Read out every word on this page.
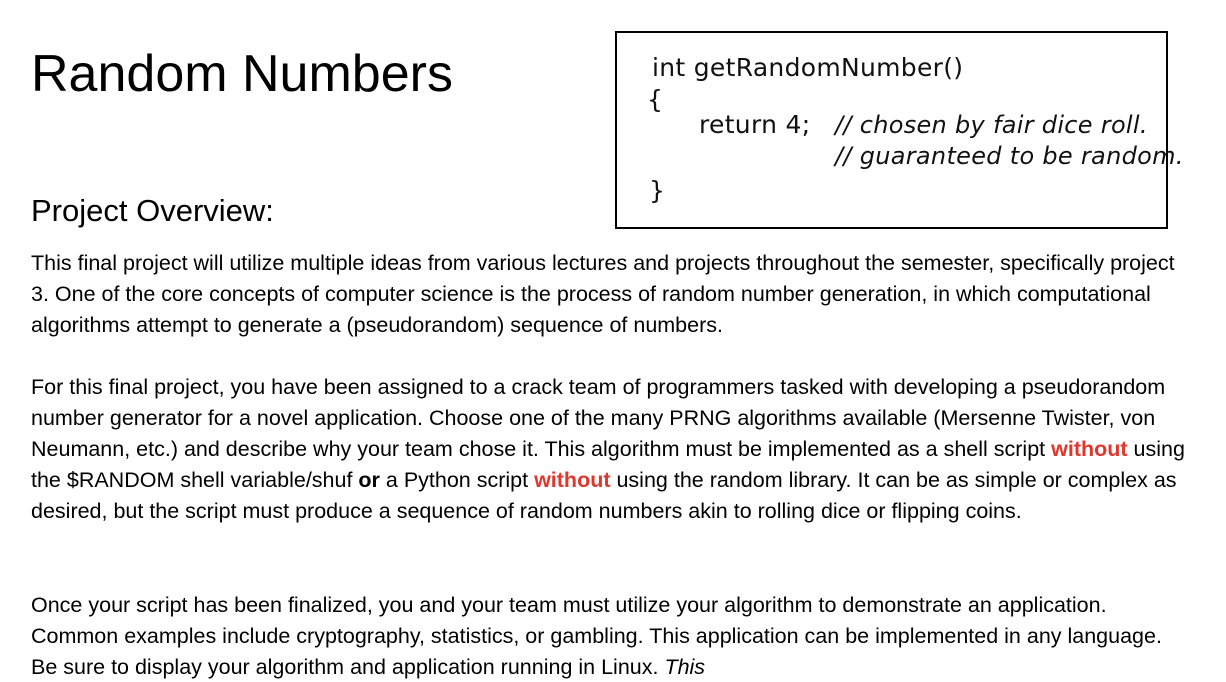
Random Numbers	int getRandomNumber()
{
return 4; // chosen by fair dice roll.
// guaranteed to be random.
}
Project Overview:

This final project will utilize multiple ideas from various lectures and projects throughout the semester, specifically project 3. One of the core concepts of computer science is the process of random number generation, in which computational algorithms attempt to generate a (pseudorandom) sequence of numbers.

For this final project, you have been assigned to a crack team of programmers tasked with developing a pseudorandom number generator for a novel application. Choose one of the many PRNG algorithms available (Mersenne Twister, von Neumann, etc.) and describe why your team chose it. This algorithm must be implemented as a shell script without using the $RANDOM shell variable/shuf or a Python script without using the random library. It can be as simple or complex as desired, but the script must produce a sequence of random numbers akin to rolling dice or flipping coins.

Once your script has been finalized, you and your team must utilize your algorithm to demonstrate an application. Common examples include cryptography, statistics, or gambling. This application can be implemented in any language. Be sure to display your algorithm and application running in Linux. This
